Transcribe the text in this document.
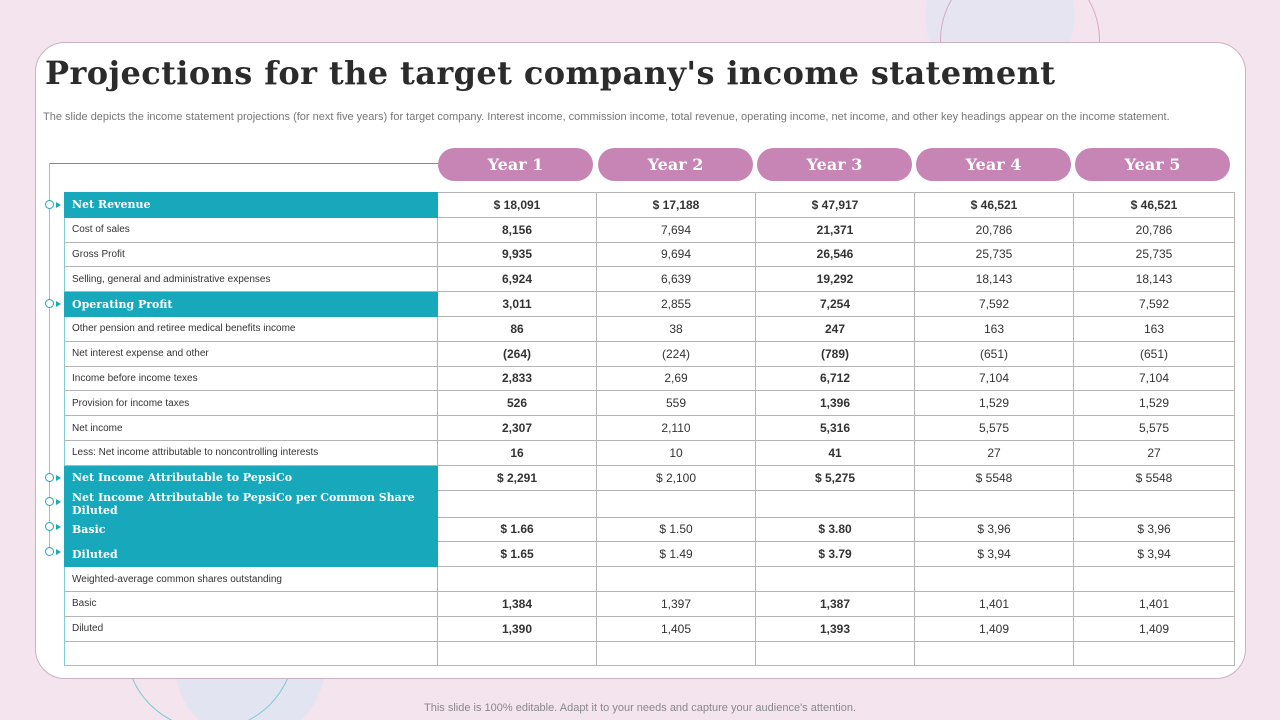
Projections for the target company's income statement

The slide depicts the income statement projections (for next five years) for target company. Interest income, commission income, total revenue, operating income, net income, and other key headings appear on the income statement.

Year 1	Year 2	Year 3	Year 4	Year 5
Net Revenue	$ 18,091	$ 17,188	$ 47,917	$ 46,521	$ 46,521
Cost of sales	8,156	7,694	21,371	20,786	20,786
Gross Profit	9,935	9,694	26,546	25,735	25,735
Selling, general and administrative expenses	6,924	6,639	19,292	18,143	18,143
Operating Profit	3,011	2,855	7,254	7,592	7,592
Other pension and retiree medical benefits income	86	38	247	163	163
Net interest expense and other	(264)	(224)	(789)	(651)	(651)
Income before income texes	2,833	2,69	6,712	7,104	7,104
Provision for income taxes	526	559	1,396	1,529	1,529
Net income	2,307	2,110	5,316	5,575	5,575
Less: Net income attributable to noncontrolling interests	16	10	41	27	27
Net Income Attributable to PepsiCo	$ 2,291	$ 2,100	$ 5,275	$ 5548	$ 5548
Net Income Attributable to PepsiCo per Common Share Diluted					
Basic	$ 1.66	$ 1.50	$ 3.80	$ 3,96	$ 3,96
Diluted	$ 1.65	$ 1.49	$ 3.79	$ 3,94	$ 3,94
Weighted-average common shares outstanding					
Basic	1,384	1,397	1,387	1,401	1,401
Diluted	1,390	1,405	1,393	1,409	1,409

This slide is 100% editable. Adapt it to your needs and capture your audience's attention.
